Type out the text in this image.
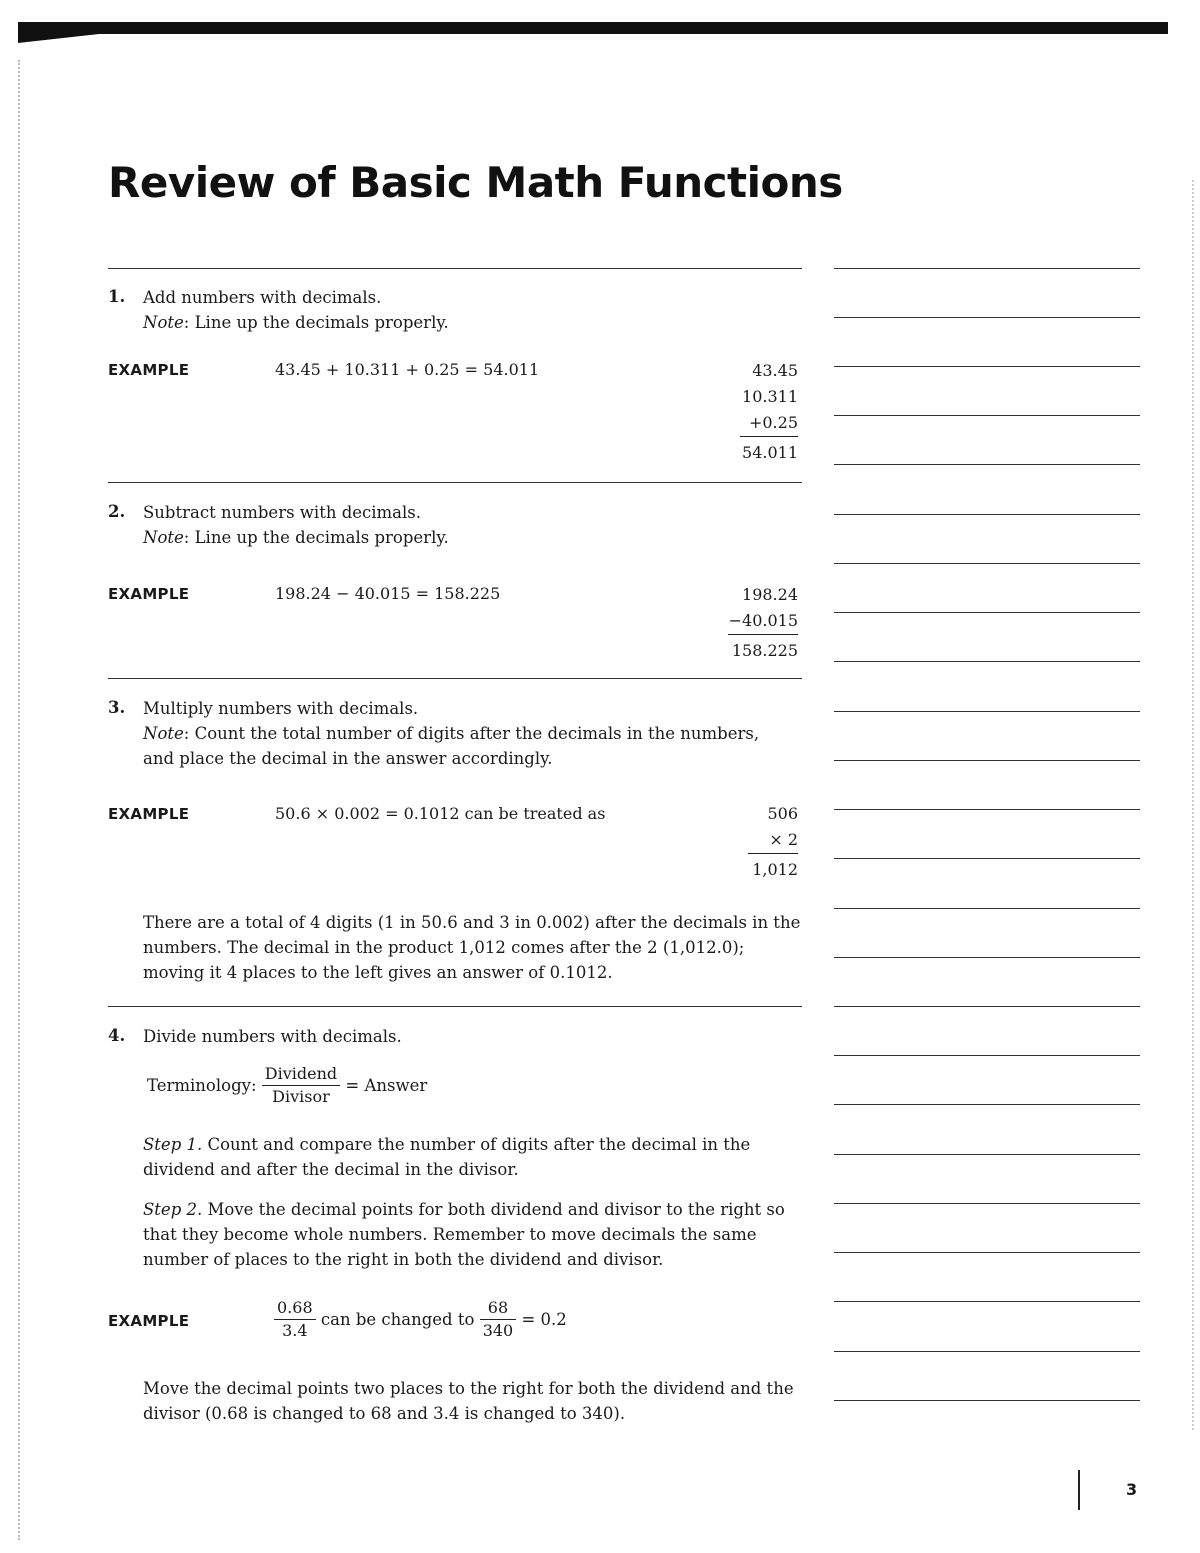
Review of Basic Math Functions
1. Add numbers with decimals.
Note: Line up the decimals properly.
EXAMPLE	43.45 + 10.311 + 0.25 = 54.011	43.45
10.311
+0.25
54.011
2. Subtract numbers with decimals.
Note: Line up the decimals properly.
EXAMPLE	198.24 − 40.015 = 158.225	198.24
−40.015
158.225
3. Multiply numbers with decimals.
Note: Count the total number of digits after the decimals in the numbers, and place the decimal in the answer accordingly.
EXAMPLE	50.6 × 0.002 = 0.1012 can be treated as	506
× 2
1,012
There are a total of 4 digits (1 in 50.6 and 3 in 0.002) after the decimals in the numbers. The decimal in the product 1,012 comes after the 2 (1,012.0); moving it 4 places to the left gives an answer of 0.1012.
4. Divide numbers with decimals.
Terminology: $\frac{\text{Dividend}}{\text{Divisor}}$ = Answer
Step 1. Count and compare the number of digits after the decimal in the dividend and after the decimal in the divisor.
Step 2. Move the decimal points for both dividend and divisor to the right so that they become whole numbers. Remember to move decimals the same number of places to the right in both the dividend and divisor.
EXAMPLE	$\frac{0.68}{3.4}$ can be changed to $\frac{68}{340} = 0.2$
Move the decimal points two places to the right for both the dividend and the divisor (0.68 is changed to 68 and 3.4 is changed to 340).
3
